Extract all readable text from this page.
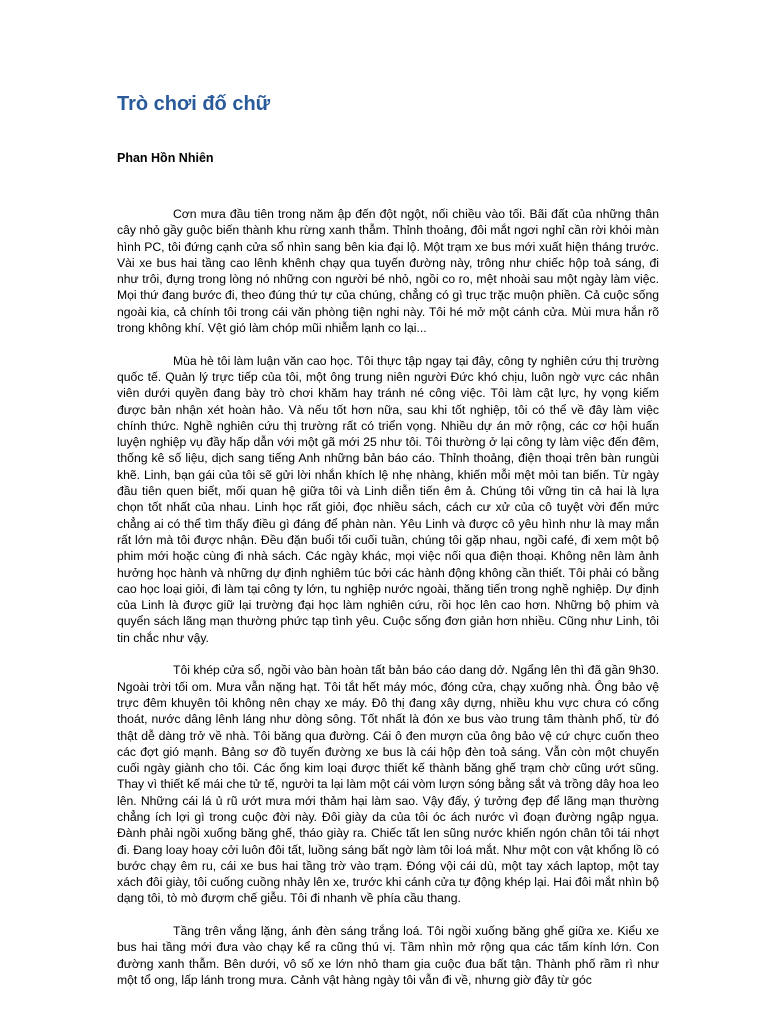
Trò chơi đố chữ

Phan Hồn Nhiên

Cơn mưa đầu tiên trong năm ập đến đột ngột, nối chiều vào tối. Bãi đất của những thân cây nhỏ gầy guộc biến thành khu rừng xanh thẫm. Thỉnh thoảng, đôi mắt ngơi nghỉ cần rời khỏi màn hình PC, tôi đứng cạnh cửa sổ nhìn sang bên kia đại lộ. Một trạm xe bus mới xuất hiện tháng trước. Vài xe bus hai tầng cao lênh khênh chạy qua tuyến đường này, trông như chiếc hộp toả sáng, đi như trôi, đựng trong lòng nó những con người bé nhỏ, ngồi co ro, mệt nhoài sau một ngày làm việc. Mọi thứ đang bước đi, theo đúng thứ tự của chúng, chẳng có gì trục trặc muộn phiền. Cả cuộc sống ngoài kia, cả chính tôi trong cái văn phòng tiện nghi này. Tôi hé mở một cánh cửa. Mùi mưa hắn rõ trong không khí. Vệt gió làm chóp mũi nhiễm lạnh co lại...

Mùa hè tôi làm luận văn cao học. Tôi thực tập ngay tại đây, công ty nghiên cứu thị trường quốc tế. Quản lý trực tiếp của tôi, một ông trung niên người Đức khó chịu, luôn ngờ vực các nhân viên dưới quyền đang bày trò chơi khăm hay tránh né công việc. Tôi làm cật lực, hy vọng kiếm được bản nhận xét hoàn hảo. Và nếu tốt hơn nữa, sau khi tốt nghiệp, tôi có thể về đây làm việc chính thức. Nghề nghiên cứu thị trường rất có triển vọng. Nhiều dự án mở rộng, các cơ hội huấn luyện nghiệp vụ đầy hấp dẫn với một gã mới 25 như tôi. Tôi thường ở lại công ty làm việc đến đêm, thống kê số liệu, dịch sang tiếng Anh những bản báo cáo. Thỉnh thoảng, điện thoại trên bàn rungùi khẽ. Linh, bạn gái của tôi sẽ gửi lời nhắn khích lệ nhẹ nhàng, khiến mỗi mệt mỏi tan biến. Từ ngày đầu tiên quen biết, mối quan hệ giữa tôi và Linh diễn tiến êm ả. Chúng tôi vững tin cả hai là lựa chọn tốt nhất của nhau. Linh học rất giỏi, đọc nhiều sách, cách cư xử của cô tuyệt vời đến mức chẳng ai có thể tìm thấy điều gì đáng để phàn nàn. Yêu Linh và được cô yêu hình như là may mắn rất lớn mà tôi được nhận. Đều đặn buổi tối cuối tuần, chúng tôi gặp nhau, ngồi café, đi xem một bộ phim mới hoặc cùng đi nhà sách. Các ngày khác, mọi việc nối qua điện thoại. Không nên làm ảnh hưởng học hành và những dự định nghiêm túc bởi các hành động không cần thiết. Tôi phải có bằng cao học loại giỏi, đi làm tại công ty lớn, tu nghiệp nước ngoài, thăng tiến trong nghề nghiệp. Dự định của Linh là được giữ lại trường đại học làm nghiên cứu, rồi học lên cao hơn. Những bộ phim và quyển sách lãng mạn thường phức tạp tình yêu. Cuộc sống đơn giản hơn nhiều. Cũng như Linh, tôi tin chắc như vậy.

Tôi khép cửa sổ, ngồi vào bàn hoàn tất bản báo cáo dang dở. Ngẩng lên thì đã gần 9h30. Ngoài trời tối om. Mưa vẫn nặng hạt. Tôi tắt hết máy móc, đóng cửa, chạy xuống nhà. Ông bảo vệ trực đêm khuyên tôi không nên chạy xe máy. Đô thị đang xây dựng, nhiều khu vực chưa có cống thoát, nước dâng lênh láng như dòng sông. Tốt nhất là đón xe bus vào trung tâm thành phố, từ đó thật dễ dàng trở về nhà. Tôi băng qua đường. Cái ô đen mượn của ông bảo vệ cứ chực cuốn theo các đợt gió mạnh. Bảng sơ đồ tuyến đường xe bus là cái hộp đèn toả sáng. Vẫn còn một chuyến cuối ngày giành cho tôi. Các ống kim loại được thiết kế thành băng ghế trạm chờ cũng ướt sũng. Thay vì thiết kế mái che tử tế, người ta lại làm một cái vòm lượn sóng bằng sắt và trồng dây hoa leo lên. Những cái lá ủ rũ ướt mưa mới thảm hại làm sao. Vậy đấy, ý tưởng đẹp để lãng mạn thường chẳng ích lợi gì trong cuộc đời này. Đôi giày da của tôi óc ách nước vì đoạn đường ngập ngụa. Đành phải ngồi xuống băng ghế, tháo giày ra. Chiếc tất len sũng nước khiến ngón chân tôi tái nhợt đi. Đang loay hoay cởi luôn đôi tất, luồng sáng bất ngờ làm tôi loá mắt. Như một con vật khổng lồ có bước chạy êm ru, cái xe bus hai tầng trờ vào trạm. Đóng vội cái dù, một tay xách laptop, một tay xách đôi giày, tôi cuống cuồng nhảy lên xe, trước khi cánh cửa tự động khép lại. Hai đôi mắt nhìn bộ dạng tôi, tò mò đượm chế giễu. Tôi đi nhanh về phía cầu thang.

Tầng trên vắng lặng, ánh đèn sáng trắng loá. Tôi ngồi xuống băng ghế giữa xe. Kiểu xe bus hai tầng mới đưa vào chạy kể ra cũng thú vị. Tầm nhìn mở rộng qua các tấm kính lớn. Con đường xanh thẫm. Bên dưới, vô số xe lớn nhỏ tham gia cuộc đua bất tận. Thành phố rầm rì như một tổ ong, lấp lánh trong mưa. Cảnh vật hàng ngày tôi vẫn đi về, nhưng giờ đây từ góc
